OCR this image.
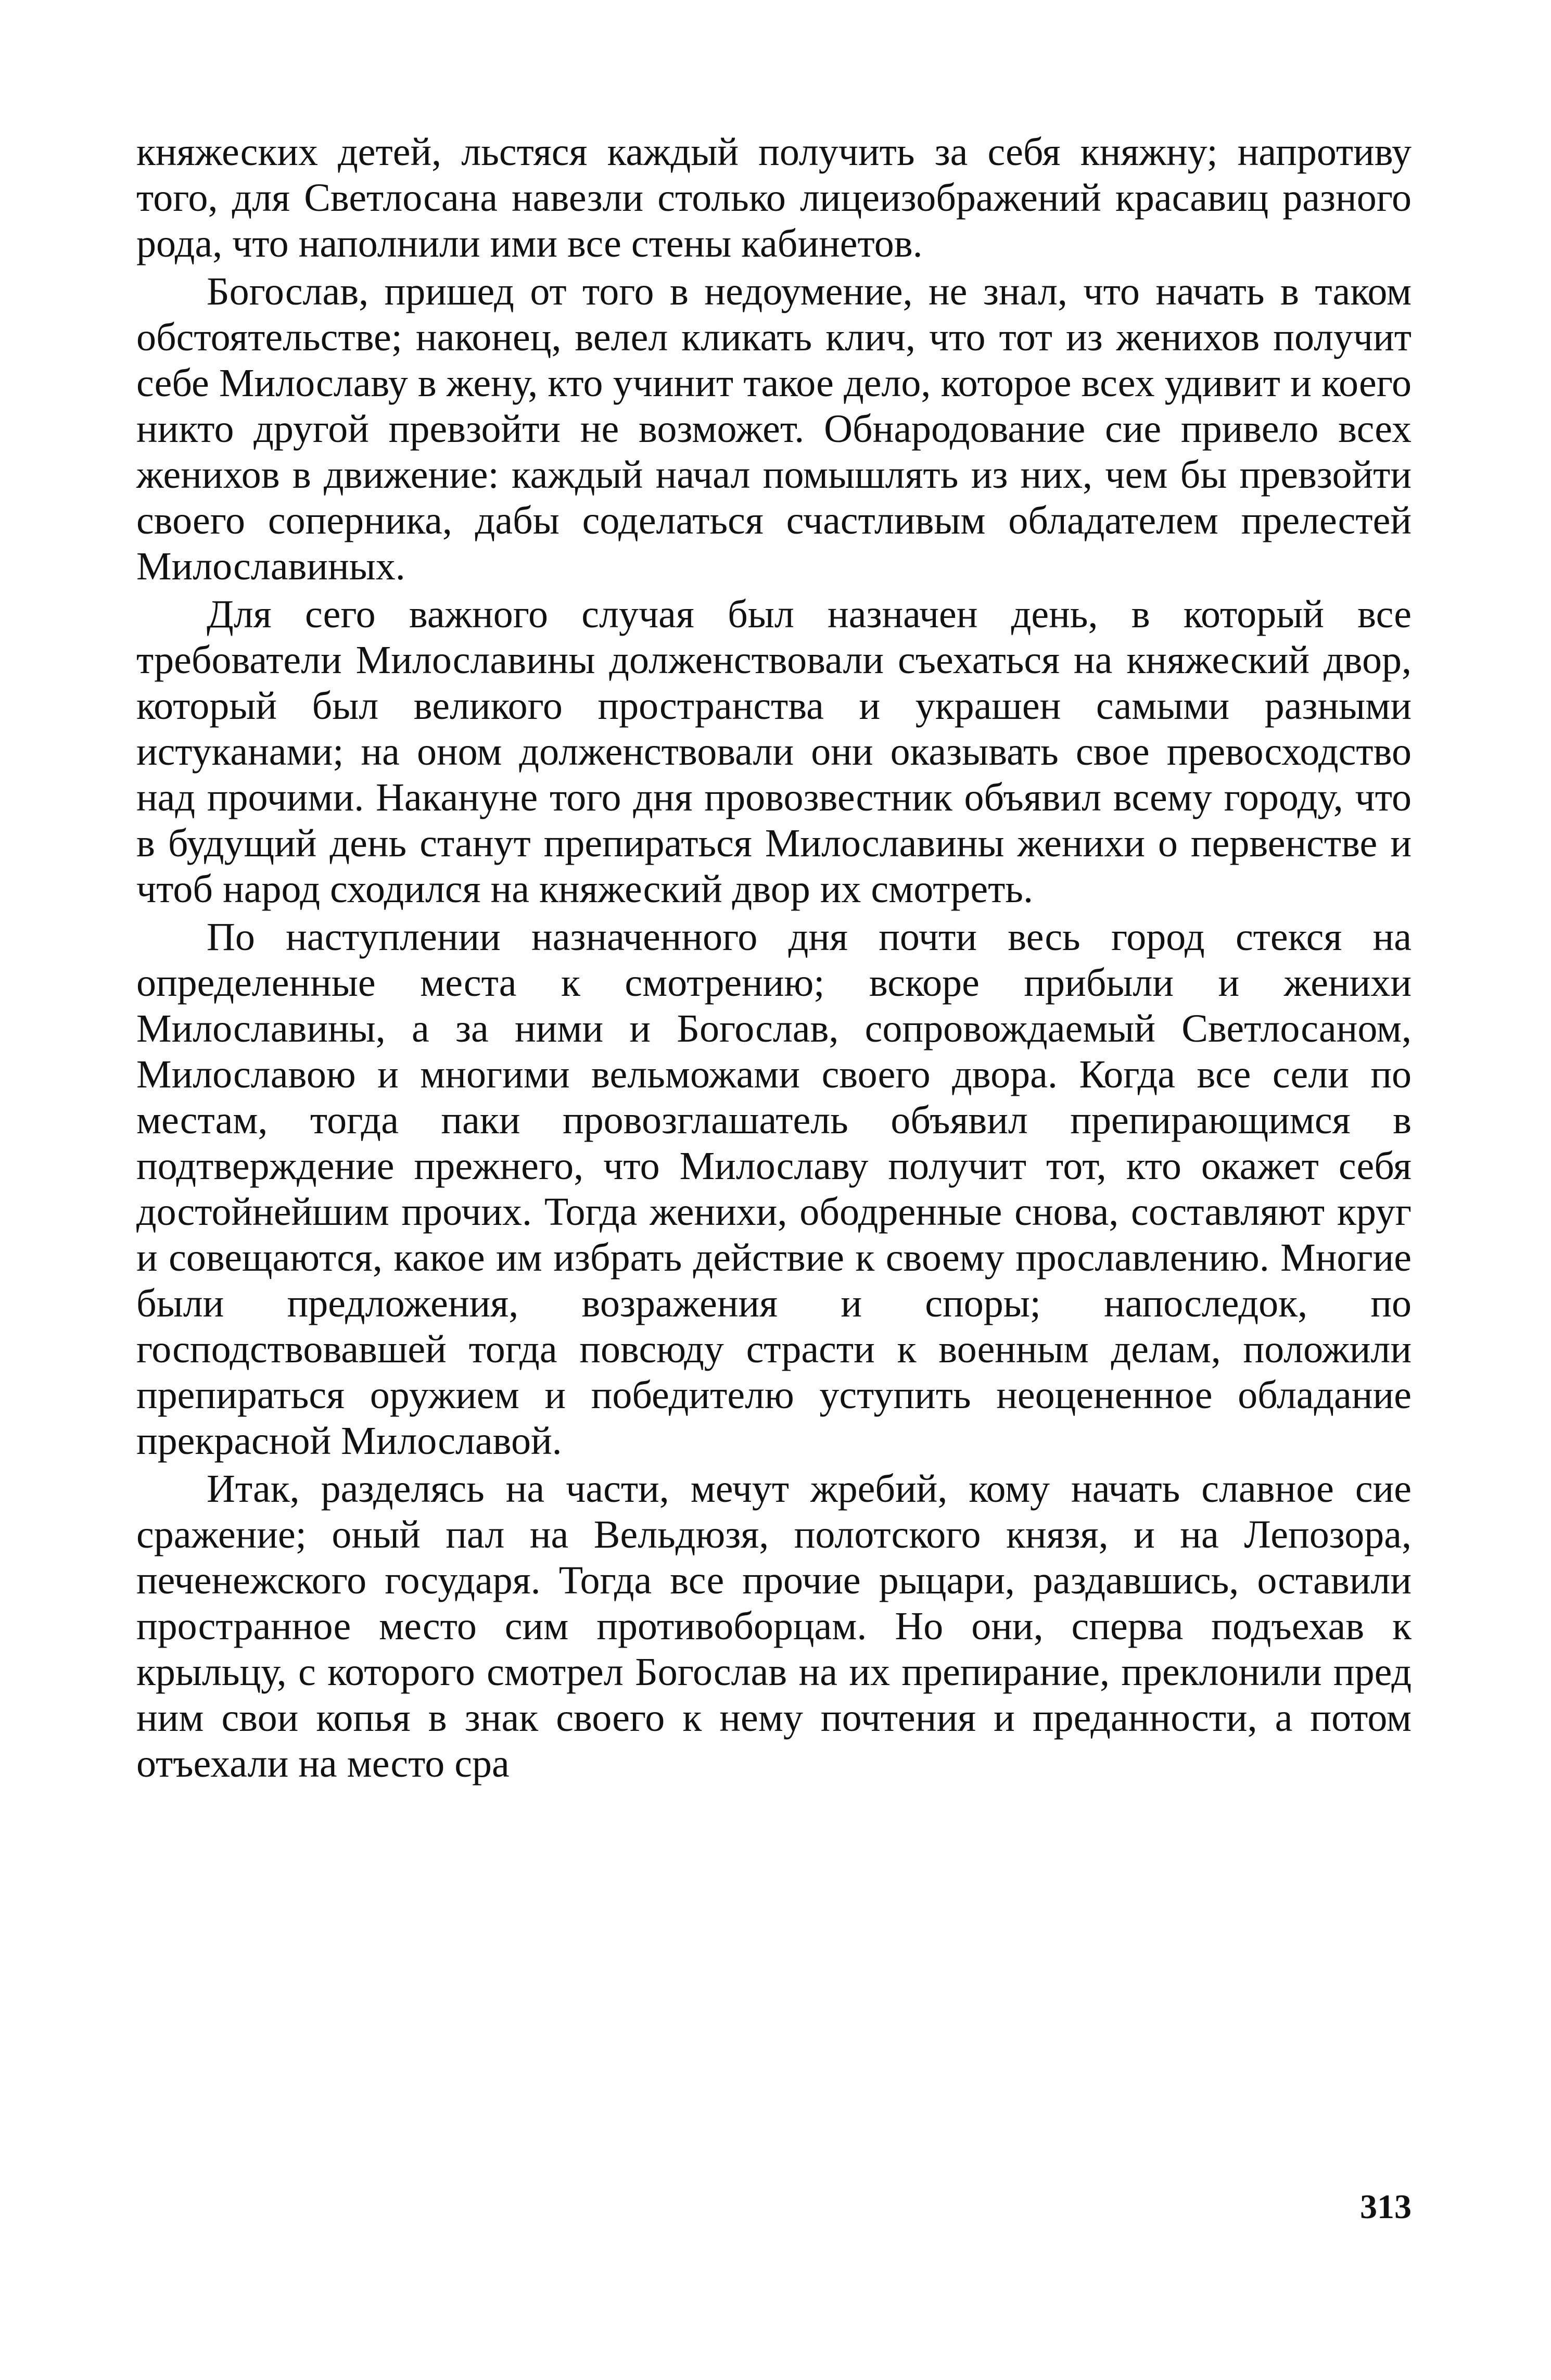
княжеских детей, льстяся каждый получить за себя княжну; напротиву того, для Светлосана навезли столько лицеизображений красавиц разного рода, что наполнили ими все стены кабинетов.

Богослав, пришед от того в недоумение, не знал, что начать в таком обстоятельстве; наконец, велел кликать клич, что тот из женихов получит себе Милославу в жену, кто учинит такое дело, которое всех удивит и коего никто другой превзойти не возможет. Обнародование сие привело всех женихов в движение: каждый начал помышлять из них, чем бы превзойти своего соперника, дабы соделаться счастливым обладателем прелестей Милославиных.

Для сего важного случая был назначен день, в который все требователи Милославины долженствовали съехаться на княжеский двор, который был великого пространства и украшен самыми разными истуканами; на оном долженствовали они оказывать свое превосходство над прочими. Накануне того дня провозвестник объявил всему городу, что в будущий день станут препираться Милославины женихи о первенстве и чтоб народ сходился на княжеский двор их смотреть.

По наступлении назначенного дня почти весь город стекся на определенные места к смотрению; вскоре прибыли и женихи Милославины, а за ними и Богослав, сопровождаемый Светлосаном, Милославою и многими вельможами своего двора. Когда все сели по местам, тогда паки провозглашатель объявил препирающимся в подтверждение прежнего, что Милославу получит тот, кто окажет себя достойнейшим прочих. Тогда женихи, ободренные снова, составляют круг и совещаются, какое им избрать действие к своему прославлению. Многие были предложения, возражения и споры; напоследок, по господствовавшей тогда повсюду страсти к военным делам, положили препираться оружием и победителю уступить неоцененное обладание прекрасной Милославой.

Итак, разделясь на части, мечут жребий, кому начать славное сие сражение; оный пал на Вельдюзя, полотского князя, и на Лепозора, печенежского государя. Тогда все прочие рыцари, раздавшись, оставили пространное место сим противоборцам. Но они, сперва подъехав к крыльцу, с которого смотрел Богослав на их препирание, преклонили пред ним свои копья в знак своего к нему почтения и преданности, а потом отъехали на место сра

313
